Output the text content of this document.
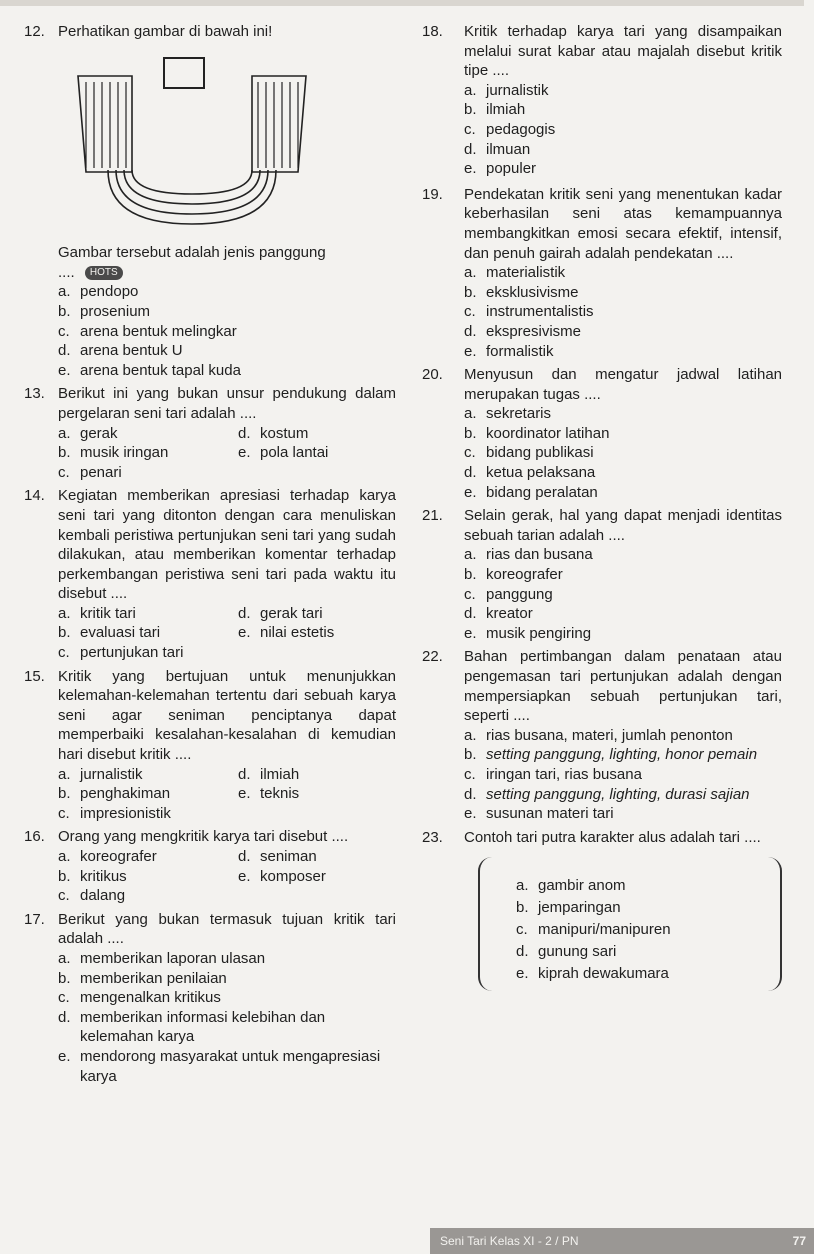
12. Perhatikan gambar di bawah ini!
Gambar tersebut adalah jenis panggung
.... HOTS
a. pendopo
b. prosenium
c. arena bentuk melingkar
d. arena bentuk U
e. arena bentuk tapal kuda
13. Berikut ini yang bukan unsur pendukung dalam pergelaran seni tari adalah ....
a. gerak	d. kostum
b. musik iringan	e. pola lantai
c. penari
14. Kegiatan memberikan apresiasi terhadap karya seni tari yang ditonton dengan cara menuliskan kembali peristiwa pertunjukan seni tari yang sudah dilakukan, atau memberikan komentar terhadap perkembangan peristiwa seni tari pada waktu itu disebut ....
a. kritik tari	d. gerak tari
b. evaluasi tari	e. nilai estetis
c. pertunjukan tari
15. Kritik yang bertujuan untuk menunjukkan kelemahan-kelemahan tertentu dari sebuah karya seni agar seniman penciptanya dapat memperbaiki kesalahan-kesalahan di kemudian hari disebut kritik ....
a. jurnalistik	d. ilmiah
b. penghakiman	e. teknis
c. impresionistik
16. Orang yang mengkritik karya tari disebut ....
a. koreografer	d. seniman
b. kritikus	e. komposer
c. dalang
17. Berikut yang bukan termasuk tujuan kritik tari adalah ....
a. memberikan laporan ulasan
b. memberikan penilaian
c. mengenalkan kritikus
d. memberikan informasi kelebihan dan kelemahan karya
e. mendorong masyarakat untuk mengapresiasi karya
18. Kritik terhadap karya tari yang disampaikan melalui surat kabar atau majalah disebut kritik tipe ....
a. jurnalistik
b. ilmiah
c. pedagogis
d. ilmuan
e. populer
19. Pendekatan kritik seni yang menentukan kadar keberhasilan seni atas kemampuannya membangkitkan emosi secara efektif, intensif, dan penuh gairah adalah pendekatan ....
a. materialistik
b. eksklusivisme
c. instrumentalistis
d. ekspresivisme
e. formalistik
20. Menyusun dan mengatur jadwal latihan merupakan tugas ....
a. sekretaris
b. koordinator latihan
c. bidang publikasi
d. ketua pelaksana
e. bidang peralatan
21. Selain gerak, hal yang dapat menjadi identitas sebuah tarian adalah ....
a. rias dan busana
b. koreografer
c. panggung
d. kreator
e. musik pengiring
22. Bahan pertimbangan dalam penataan atau pengemasan tari pertunjukan adalah dengan mempersiapkan sebuah pertunjukan tari, seperti ....
a. rias busana, materi, jumlah penonton
b. setting panggung, lighting, honor pemain
c. iringan tari, rias busana
d. setting panggung, lighting, durasi sajian
e. susunan materi tari
23. Contoh tari putra karakter alus adalah tari ....
a. gambir anom
b. jemparingan
c. manipuri/manipuren
d. gunung sari
e. kiprah dewakumara
Seni Tari Kelas XI - 2 / PN	77
